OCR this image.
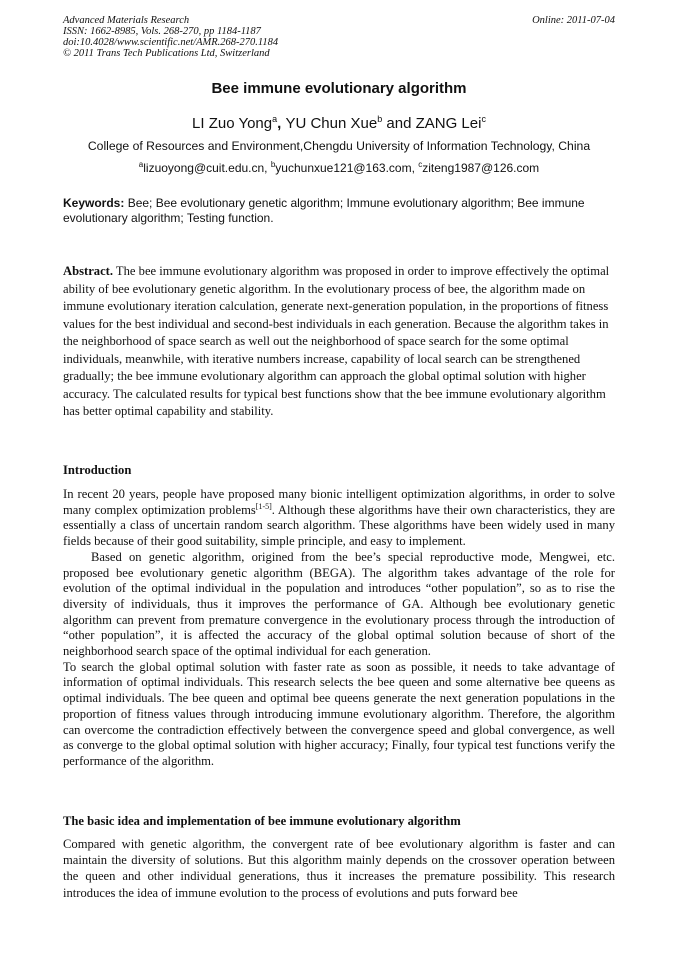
Advanced Materials Research
ISSN: 1662-8985, Vols. 268-270, pp 1184-1187
doi:10.4028/www.scientific.net/AMR.268-270.1184
© 2011 Trans Tech Publications Ltd, Switzerland
Online: 2011-07-04
Bee immune evolutionary algorithm
LI Zuo Yong$^a$, YU Chun Xue$^b$ and ZANG Lei$^c$
College of Resources and Environment,Chengdu University of Information Technology, China
$^a$lizuoyong@cuit.edu.cn, $^b$yuchunxue121@163.com, $^c$ziteng1987@126.com
Keywords: Bee; Bee evolutionary genetic algorithm; Immune evolutionary algorithm; Bee immune evolutionary algorithm; Testing function.
Abstract. The bee immune evolutionary algorithm was proposed in order to improve effectively the optimal ability of bee evolutionary genetic algorithm. In the evolutionary process of bee, the algorithm made on immune evolutionary iteration calculation, generate next-generation population, in the proportions of fitness values for the best individual and second-best individuals in each generation. Because the algorithm takes in the neighborhood of space search as well out the neighborhood of space search for the some optimal individuals, meanwhile, with iterative numbers increase, capability of local search can be strengthened gradually; the bee immune evolutionary algorithm can approach the global optimal solution with higher accuracy. The calculated results for typical best functions show that the bee immune evolutionary algorithm has better optimal capability and stability.
Introduction

In recent 20 years, people have proposed many bionic intelligent optimization algorithms, in order to solve many complex optimization problems[1-5]. Although these algorithms have their own characteristics, they are essentially a class of uncertain random search algorithm. These algorithms have been widely used in many fields because of their good suitability, simple principle, and easy to implement.

Based on genetic algorithm, origined from the bee’s special reproductive mode, Mengwei, etc. proposed bee evolutionary genetic algorithm (BEGA). The algorithm takes advantage of the role for evolution of the optimal individual in the population and introduces “other population”, so as to rise the diversity of individuals, thus it improves the performance of GA. Although bee evolutionary genetic algorithm can prevent from premature convergence in the evolutionary process through the introduction of “other population”, it is affected the accuracy of the global optimal solution because of short of the neighborhood search space of the optimal individual for each generation.

To search the global optimal solution with faster rate as soon as possible, it needs to take advantage of information of optimal individuals. This research selects the bee queen and some alternative bee queens as optimal individuals. The bee queen and optimal bee queens generate the next generation populations in the proportion of fitness values through introducing immune evolutionary algorithm. Therefore, the algorithm can overcome the contradiction effectively between the convergence speed and global convergence, as well as converge to the global optimal solution with higher accuracy; Finally, four typical test functions verify the performance of the algorithm.

The basic idea and implementation of bee immune evolutionary algorithm

Compared with genetic algorithm, the convergent rate of bee evolutionary algorithm is faster and can maintain the diversity of solutions. But this algorithm mainly depends on the crossover operation between the queen and other individual generations, thus it increases the premature possibility. This research introduces the idea of immune evolution to the process of evolutions and puts forward bee
